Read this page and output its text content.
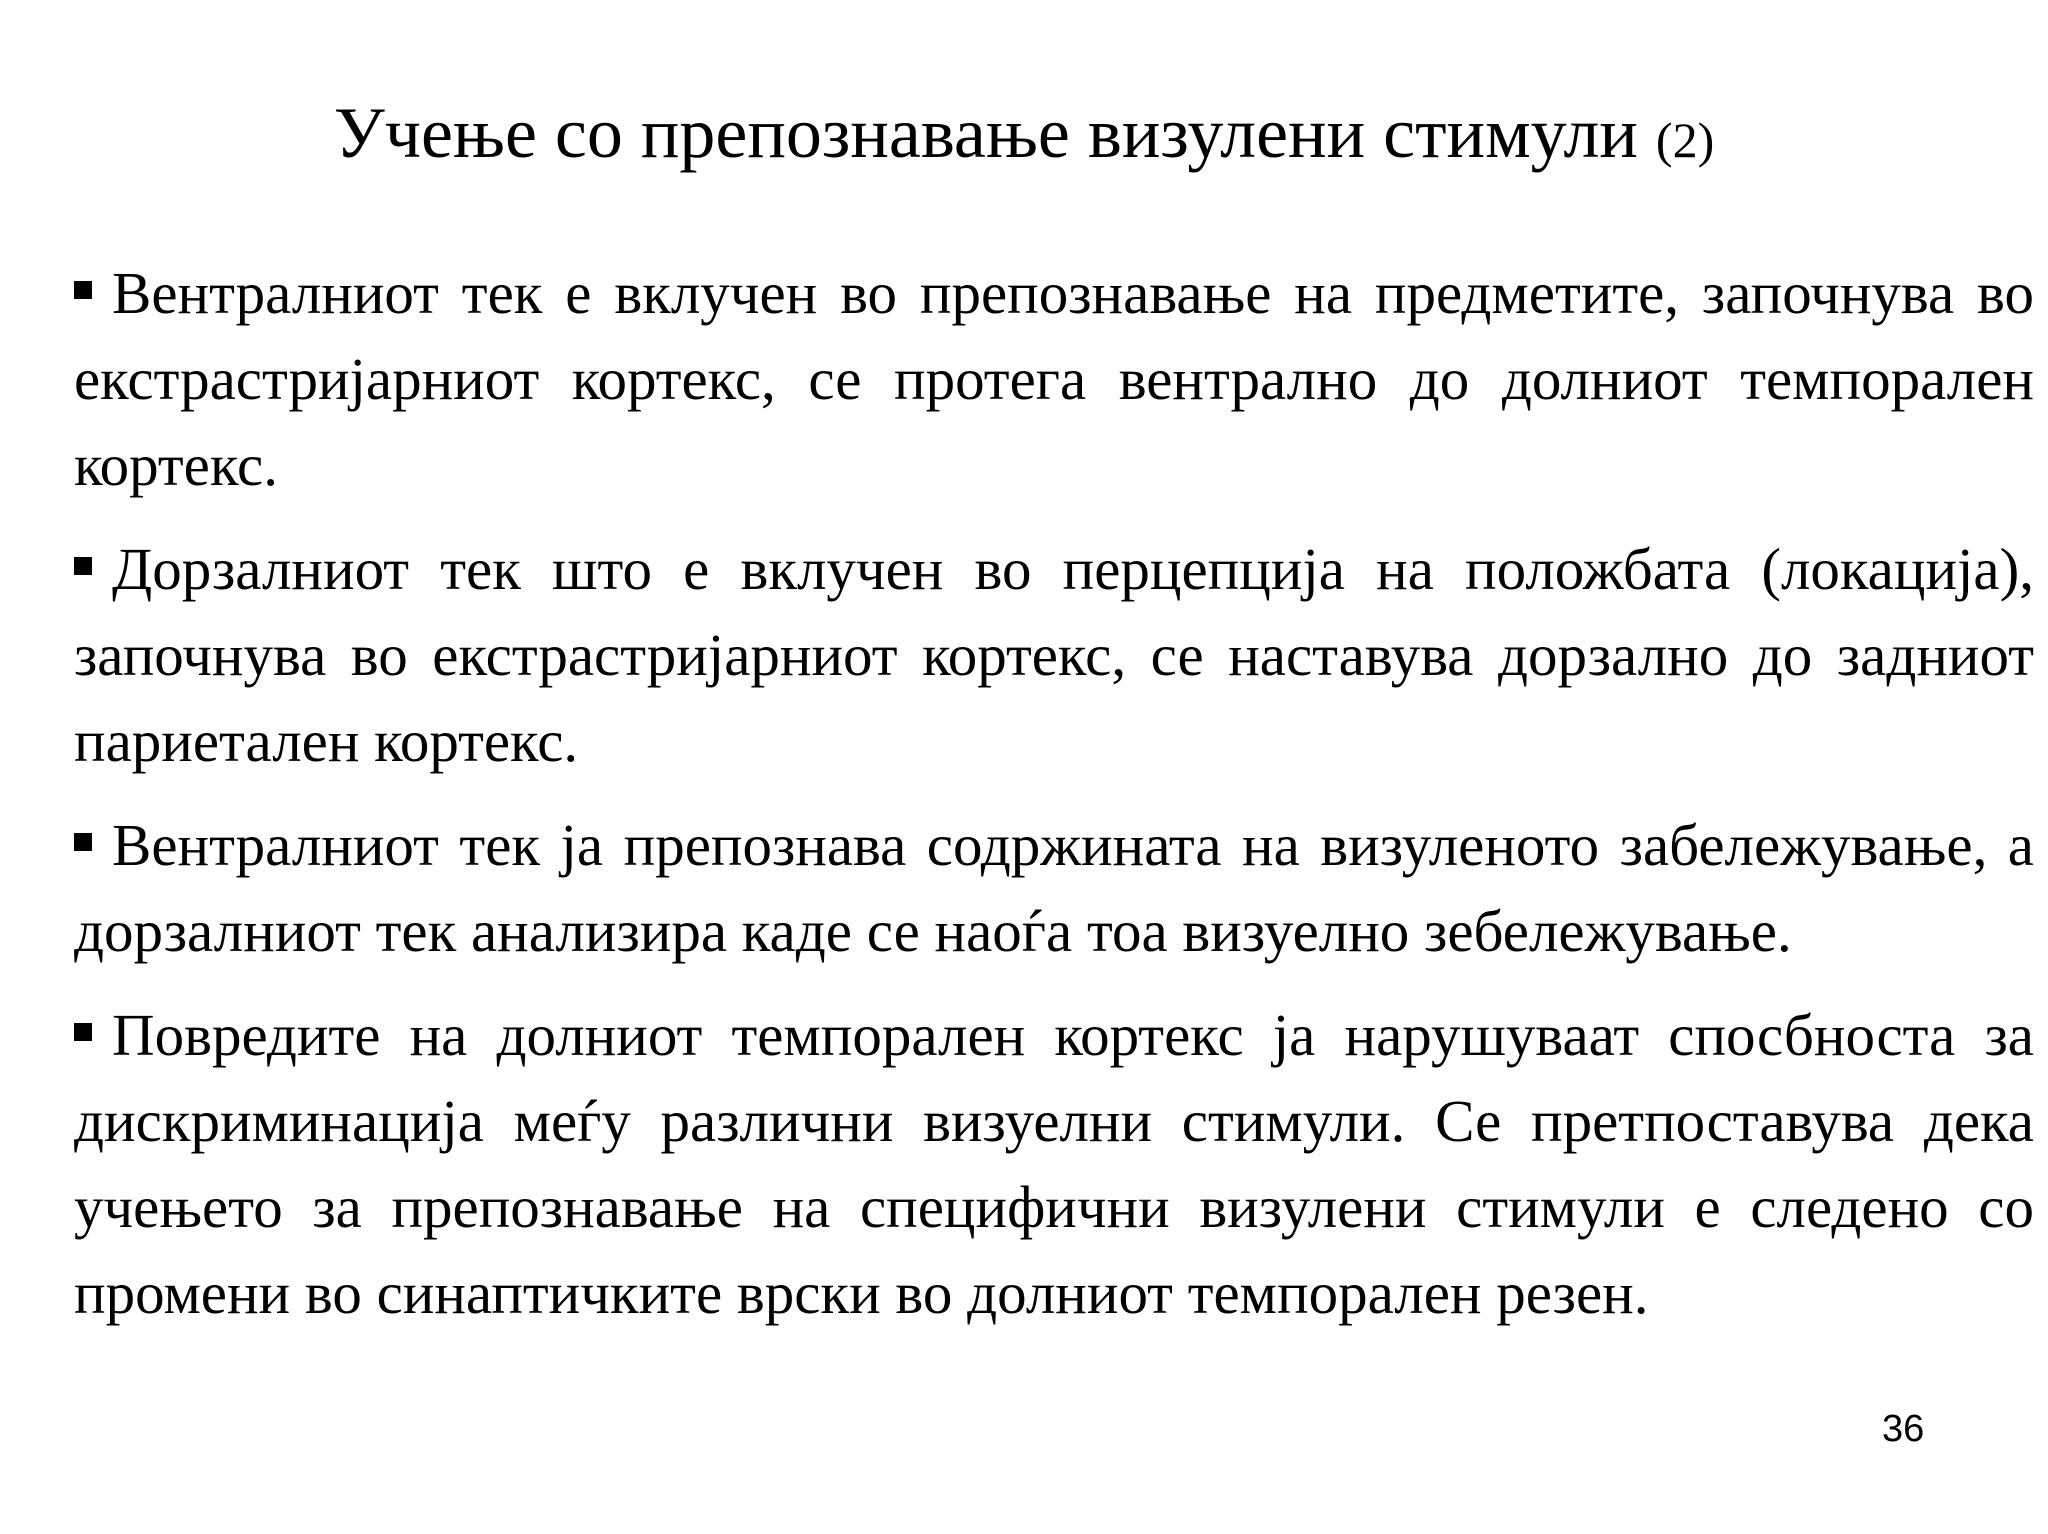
Учење со препознавање визулени стимули (2)
Вентралниот тек е вклучен во препознавање на предметите, започнува во екстрастријарниот кортекс, се протега вентрално до долниот темпорален кортекс.
Дорзалниот тек што е вклучен во перцепција на положбата (локација), започнува во екстрастријарниот кортекс, се наставува дорзално до задниот париетален кортекс.
Вентралниот тек ја препознава содржината на визуленото забележување, а дорзалниот тек анализира каде се наоѓа тоа визуелно зебележување.
Повредите на долниот темпорален кортекс ја нарушуваат спосбноста за дискриминација меѓу различни визуелни стимули. Се претпоставува дека учењето за препознавање на специфични визулени стимули е следено со промени во синаптичките врски во долниот темпорален резен.
36
